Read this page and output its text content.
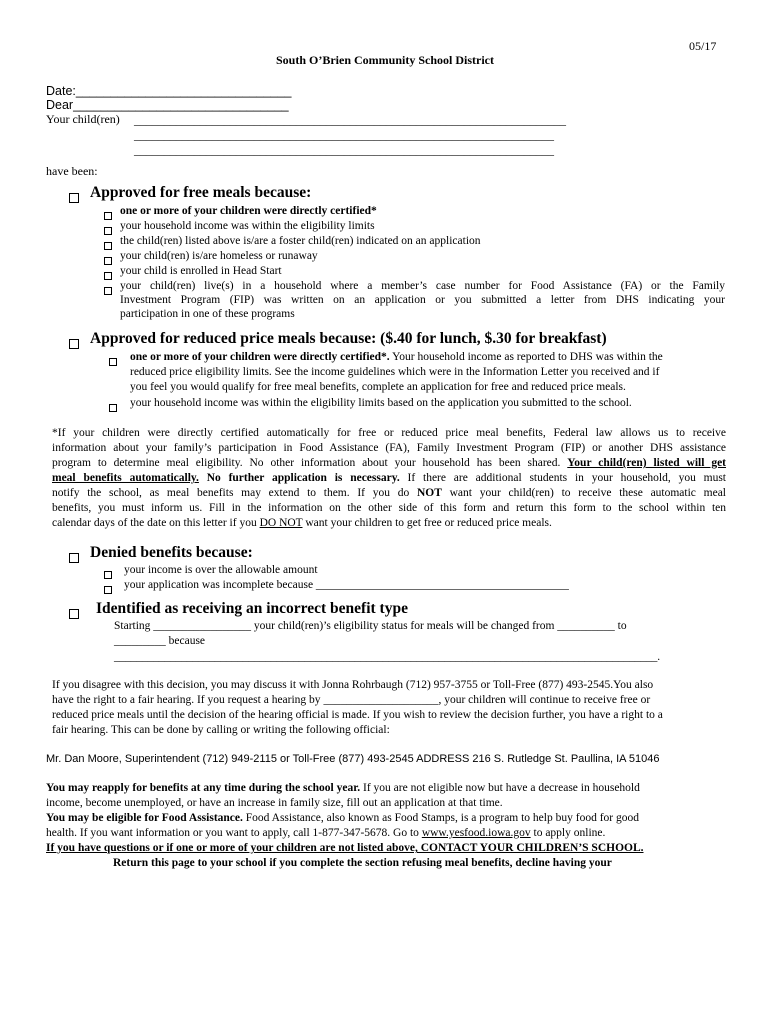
05/17
South O’Brien Community School District
Date:_______________________________
Dear_______________________________
Your child(ren) ________________________________________________________________________
______________________________________________________________________
______________________________________________________________________
have been:
Approved for free meals because:
one or more of your children were directly certified*
your household income was within the eligibility limits
the child(ren) listed above is/are a foster child(ren) indicated on an application
your child(ren) is/are homeless or runaway
your child is enrolled in Head Start
your child(ren) live(s) in a household where a member’s case number for Food Assistance (FA) or the Family
Investment Program (FIP) was written on an application or you submitted a letter from DHS indicating your
participation in one of these programs
Approved for reduced price meals because: ($.40 for lunch, $.30 for breakfast)
one or more of your children were directly certified*. Your household income as reported to DHS was within the
reduced price eligibility limits. See the income guidelines which were in the Information Letter you received and if
you feel you would qualify for free meal benefits, complete an application for free and reduced price meals.
your household income was within the eligibility limits based on the application you submitted to the school.
*If your children were directly certified automatically for free or reduced price meal benefits, Federal law allows us to receive
information about your family’s participation in Food Assistance (FA), Family Investment Program (FIP) or another DHS assistance
program to determine meal eligibility. No other information about your household has been shared. Your child(ren) listed will get
meal benefits automatically. No further application is necessary. If there are additional students in your household, you must
notify the school, as meal benefits may extend to them. If you do NOT want your child(ren) to receive these automatic meal
benefits, you must inform us. Fill in the information on the other side of this form and return this form to the school within ten
calendar days of the date on this letter if you DO NOT want your children to get free or reduced price meals.
Denied benefits because:
your income is over the allowable amount
your application was incomplete because ____________________________________________
Identified as receiving an incorrect benefit type
Starting _________________ your child(ren)’s eligibility status for meals will be changed from __________ to
_________ because
_________________________________________________________________________________________________.
If you disagree with this decision, you may discuss it with Jonna Rohrbaugh (712) 957-3755 or Toll-Free (877) 493-2545.You also
have the right to a fair hearing. If you request a hearing by ____________________, your children will continue to receive free or
reduced price meals until the decision of the hearing official is made. If you wish to review the decision further, you have a right to a
fair hearing. This can be done by calling or writing the following official:
Mr. Dan Moore, Superintendent (712) 949-2115 or Toll-Free (877) 493-2545 ADDRESS 216 S. Rutledge St. Paullina, IA 51046
You may reapply for benefits at any time during the school year. If you are not eligible now but have a decrease in household
income, become unemployed, or have an increase in family size, fill out an application at that time.
You may be eligible for Food Assistance. Food Assistance, also known as Food Stamps, is a program to help buy food for good
health. If you want information or you want to apply, call 1-877-347-5678. Go to www.yesfood.iowa.gov to apply online.
If you have questions or if one or more of your children are not listed above, CONTACT YOUR CHILDREN’S SCHOOL.
Return this page to your school if you complete the section refusing meal benefits, decline having your
